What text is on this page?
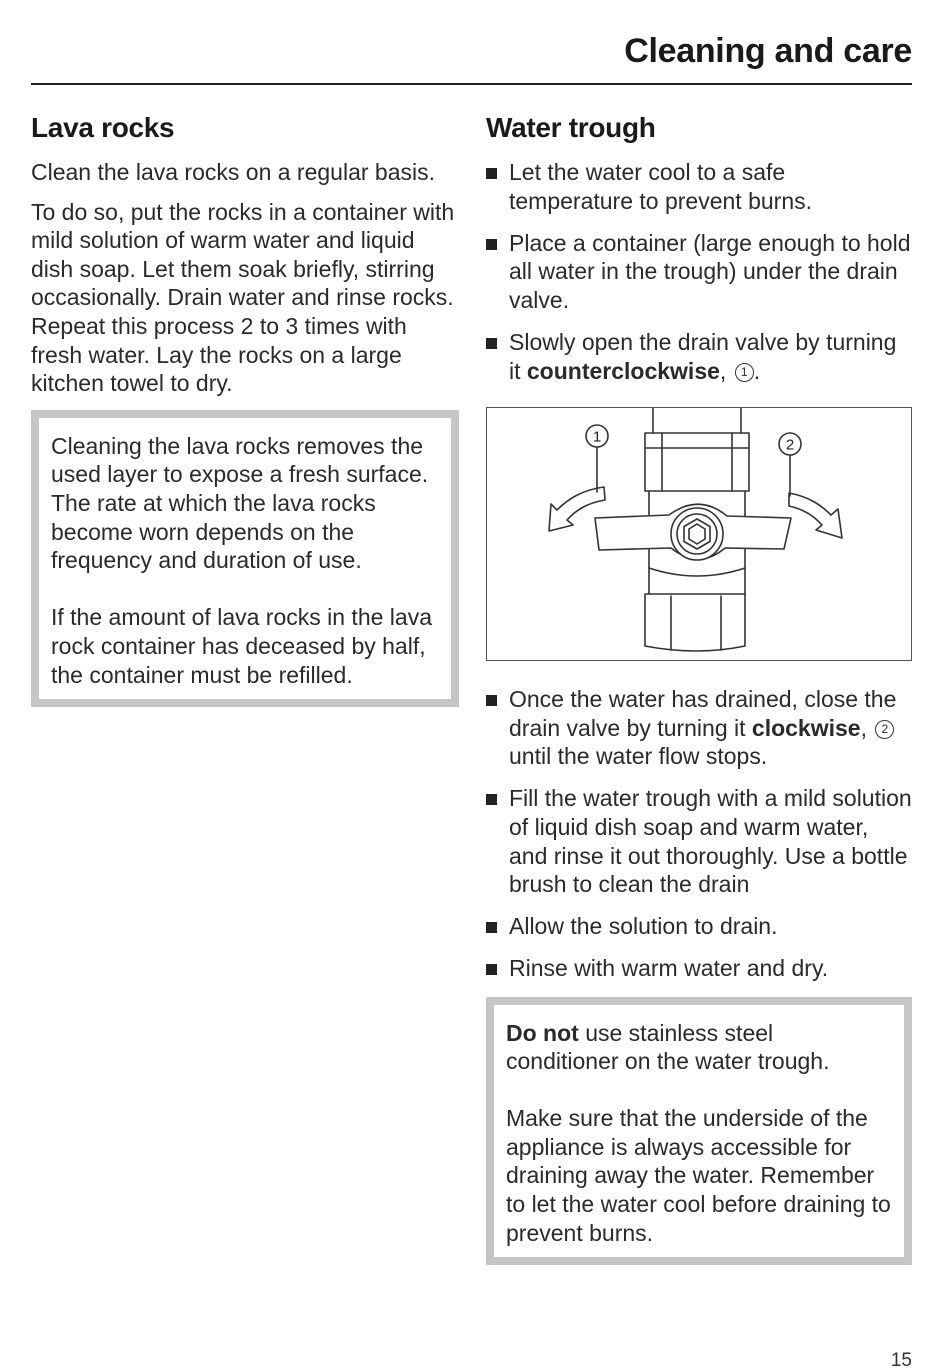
Cleaning and care
Lava rocks

Clean the lava rocks on a regular basis.

To do so, put the rocks in a container with mild solution of warm water and liquid dish soap. Let them soak briefly, stirring occasionally. Drain water and rinse rocks. Repeat this process 2 to 3 times with fresh water. Lay the rocks on a large kitchen towel to dry.

Cleaning the lava rocks removes the used layer to expose a fresh surface. The rate at which the lava rocks become worn depends on the frequency and duration of use.

If the amount of lava rocks in the lava rock container has deceased by half, the container must be refilled.

Water trough
Let the water cool to a safe temperature to prevent burns.
Place a container (large enough to hold all water in the trough) under the drain valve.
Slowly open the drain valve by turning it counterclockwise, 1 .
1	2
Once the water has drained, close the drain valve by turning it clockwise, 2 until the water flow stops.
Fill the water trough with a mild solution of liquid dish soap and warm water, and rinse it out thoroughly. Use a bottle brush to clean the drain
Allow the solution to drain.
Rinse with warm water and dry.

Do not use stainless steel conditioner on the water trough.

Make sure that the underside of the appliance is always accessible for draining away the water. Remember to let the water cool before draining to prevent burns.

15
